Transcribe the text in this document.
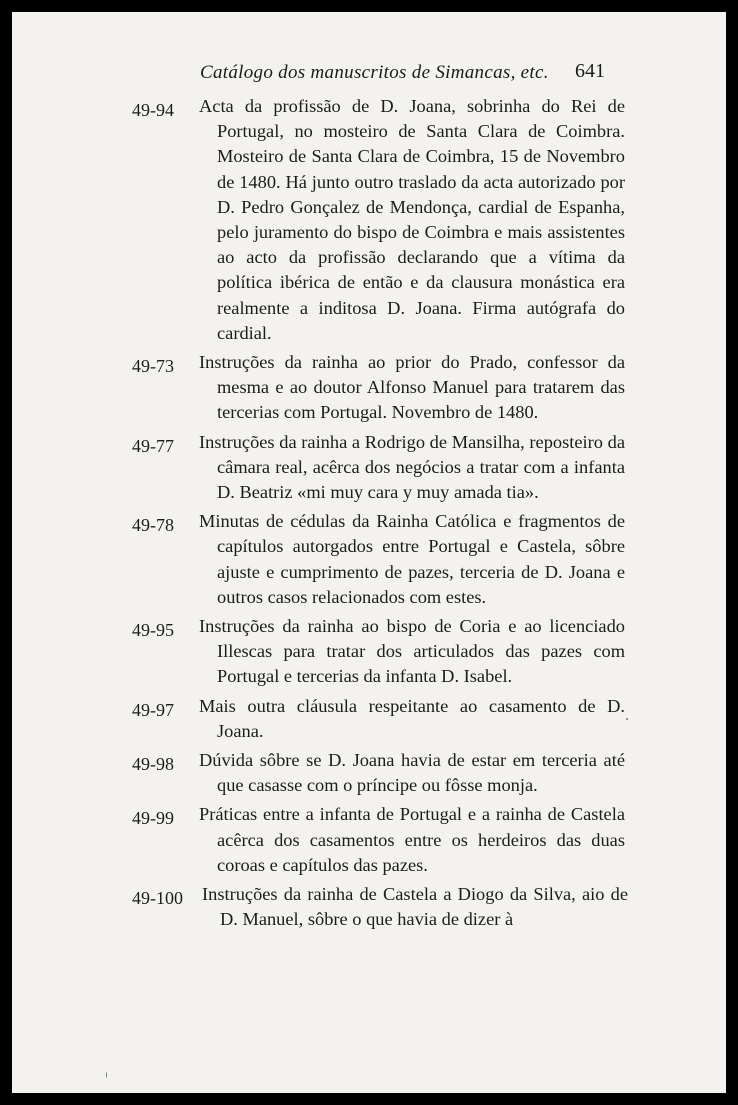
Catálogo dos manuscritos de Simancas, etc. 641
49-94 Acta da profissão de D. Joana, sobrinha do Rei de Portugal, no mosteiro de Santa Clara de Coimbra. Mosteiro de Santa Clara de Coimbra, 15 de Novembro de 1480. Há junto outro traslado da acta autorizado por D. Pedro Gonçalez de Mendonça, cardial de Espanha, pelo juramento do bispo de Coimbra e mais assistentes ao acto da profissão declarando que a vítima da política ibérica de então e da clausura monástica era realmente a inditosa D. Joana. Firma autógrafa do cardial.
49-73 Instruções da rainha ao prior do Prado, confessor da mesma e ao doutor Alfonso Manuel para tratarem das tercerias com Portugal. Novembro de 1480.
49-77 Instruções da rainha a Rodrigo de Mansilha, reposteiro da câmara real, acêrca dos negócios a tratar com a infanta D. Beatriz «mi muy cara y muy amada tia».
49-78 Minutas de cédulas da Rainha Católica e fragmentos de capítulos autorgados entre Portugal e Castela, sôbre ajuste e cumprimento de pazes, terceria de D. Joana e outros casos relacionados com estes.
49-95 Instruções da rainha ao bispo de Coria e ao licenciado Illescas para tratar dos articulados das pazes com Portugal e tercerias da infanta D. Isabel.
49-97 Mais outra cláusula respeitante ao casamento de D. Joana.
49-98 Dúvida sôbre se D. Joana havia de estar em terceria até que casasse com o príncipe ou fôsse monja.
49-99 Práticas entre a infanta de Portugal e a rainha de Castela acêrca dos casamentos entre os herdeiros das duas coroas e capítulos das pazes.
49-100 Instruções da rainha de Castela a Diogo da Silva, aio de D. Manuel, sôbre o que havia de dizer à
